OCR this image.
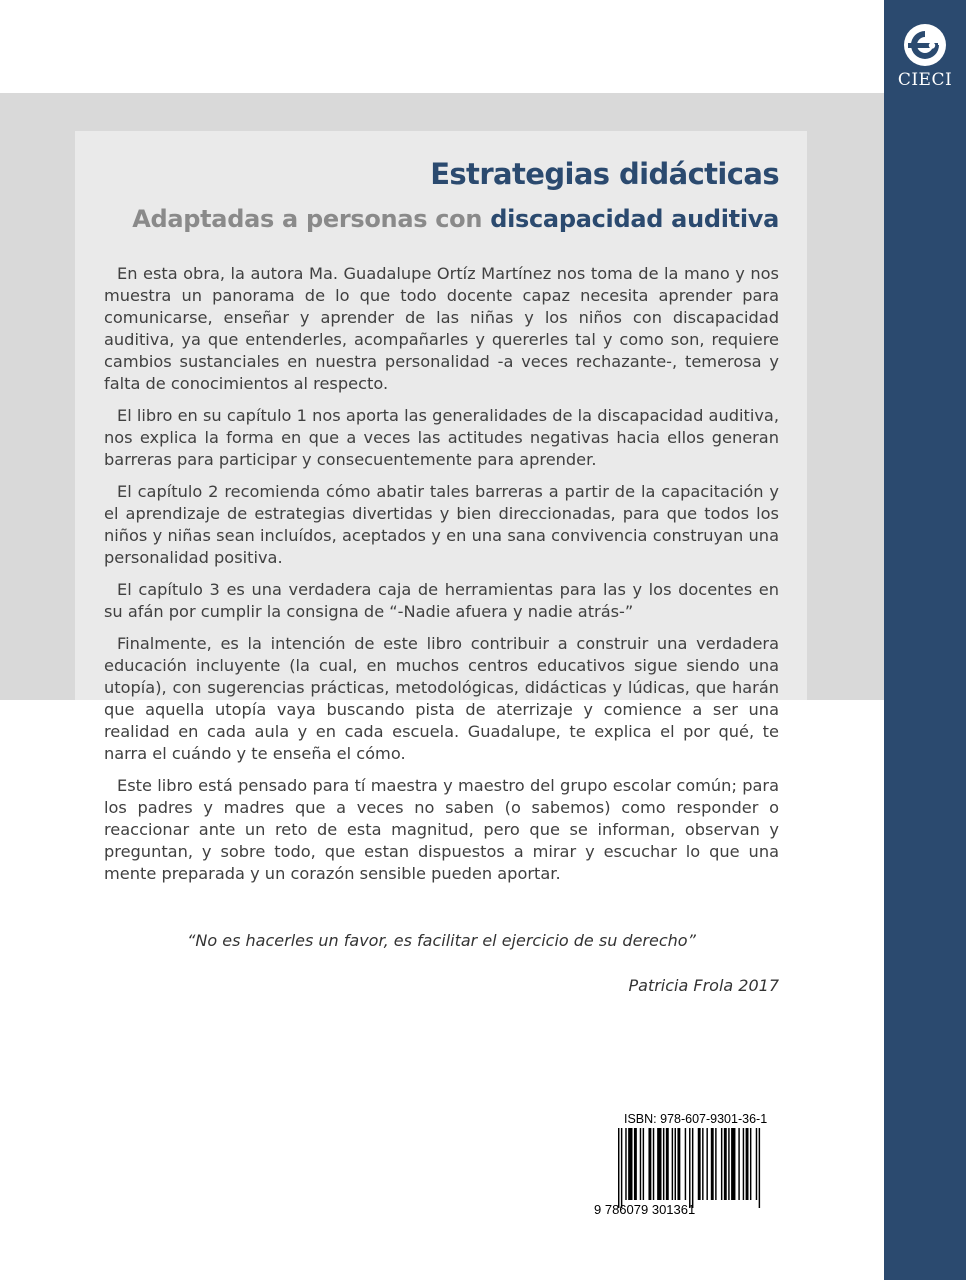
CIECI
Estrategias didácticas
Adaptadas a personas con discapacidad auditiva

En esta obra, la autora Ma. Guadalupe Ortíz Martínez nos toma de la mano y nos muestra un panorama de lo que todo docente capaz necesita aprender para comunicarse, enseñar y aprender de las niñas y los niños con discapacidad auditiva, ya que entenderles, acompañarles y quererles tal y como son, requiere cambios sustanciales en nuestra personalidad -a veces rechazante-, temerosa y falta de conocimientos al respecto.

El libro en su capítulo 1 nos aporta las generalidades de la discapacidad auditiva, nos explica la forma en que a veces las actitudes negativas hacia ellos generan barreras para participar y consecuentemente para aprender.

El capítulo 2 recomienda cómo abatir tales barreras a partir de la capacitación y el aprendizaje de estrategias divertidas y bien direccionadas, para que todos los niños y niñas sean incluídos, aceptados y en una sana convivencia construyan una personalidad positiva.

El capítulo 3 es una verdadera caja de herramientas para las y los docentes en su afán por cumplir la consigna de “-Nadie afuera y nadie atrás-”

Finalmente, es la intención de este libro contribuir a construir una verdadera educación incluyente (la cual, en muchos centros educativos sigue siendo una utopía), con sugerencias prácticas, metodológicas, didácticas y lúdicas, que harán que aquella utopía vaya buscando pista de aterrizaje y comience a ser una realidad en cada aula y en cada escuela. Guadalupe, te explica el por qué, te narra el cuándo y te enseña el cómo.

Este libro está pensado para tí maestra y maestro del grupo escolar común; para los padres y madres que a veces no saben (o sabemos) como responder o reaccionar ante un reto de esta magnitud, pero que se informan, observan y preguntan, y sobre todo, que estan dispuestos a mirar y escuchar lo que una mente preparada y un corazón sensible pueden aportar.

“No es hacerles un favor, es facilitar el ejercicio de su derecho”
Patricia Frola 2017
ISBN: 978-607-9301-36-1
9 786079 301361
